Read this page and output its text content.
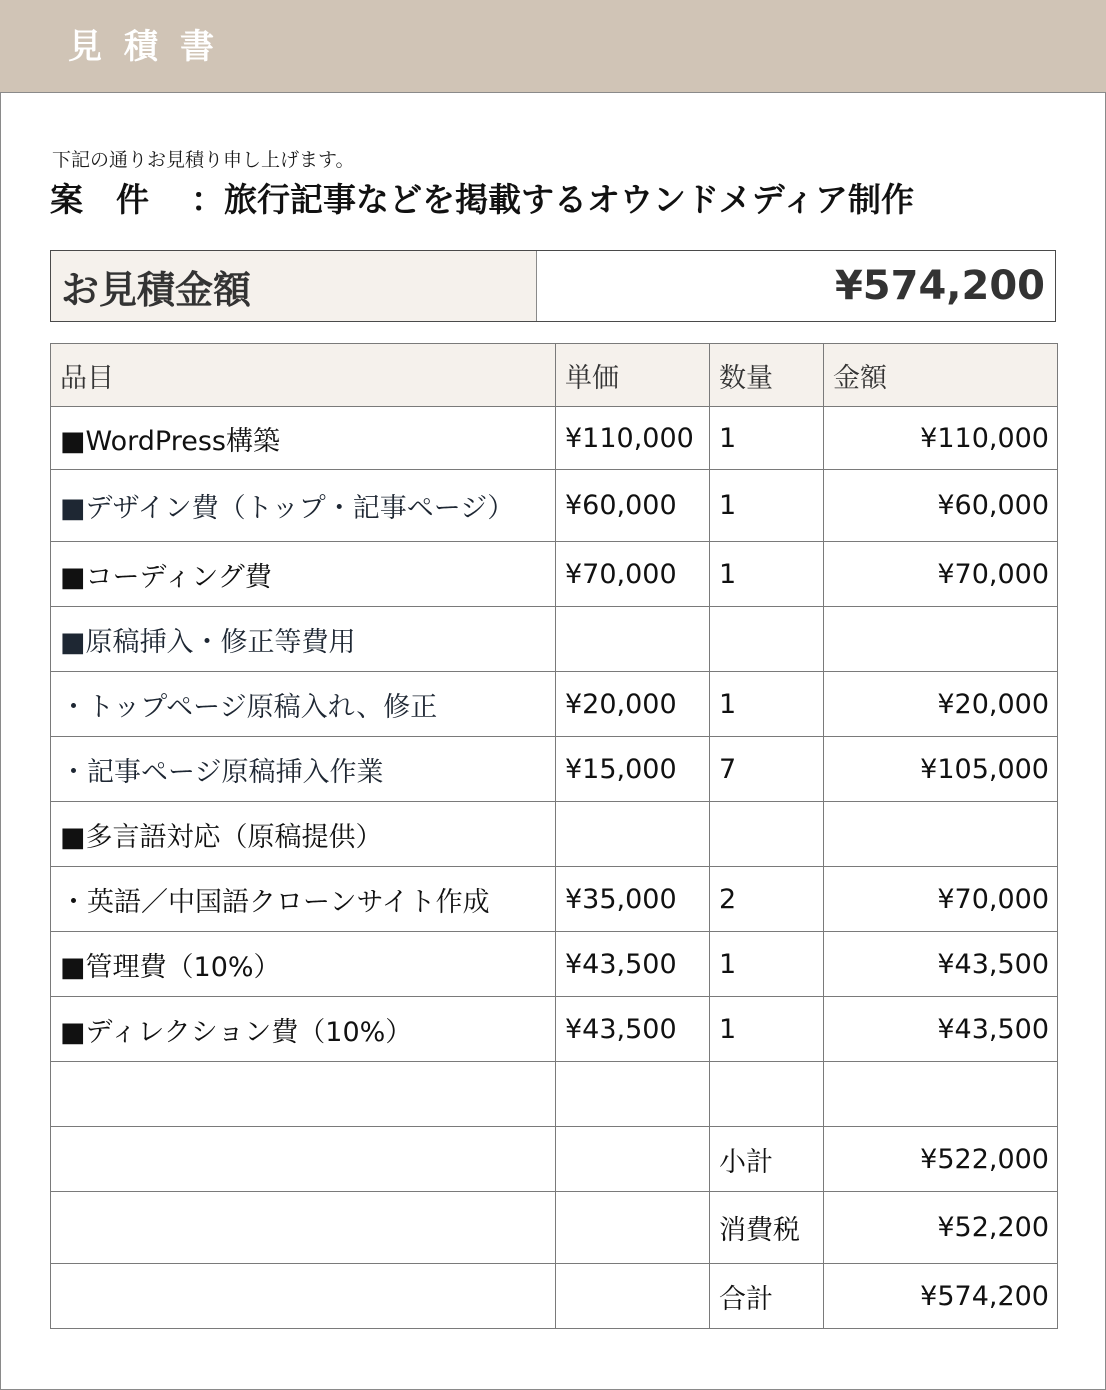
見積書
下記の通りお見積り申し上げます。
案　件 ：旅行記事などを掲載するオウンドメディア制作
お見積金額	¥574,200
品目	単価	数量	金額
■WordPress構築	¥110,000	1	¥110,000
■デザイン費（トップ・記事ページ）	¥60,000	1	¥60,000
■コーディング費	¥70,000	1	¥70,000
■原稿挿入・修正等費用			
・トップページ原稿入れ、修正	¥20,000	1	¥20,000
・記事ページ原稿挿入作業	¥15,000	7	¥105,000
■多言語対応（原稿提供）			
・英語／中国語クローンサイト作成	¥35,000	2	¥70,000
■管理費（10%）	¥43,500	1	¥43,500
■ディレクション費（10%）	¥43,500	1	¥43,500

		小計	¥522,000
		消費税	¥52,200
		合計	¥574,200
